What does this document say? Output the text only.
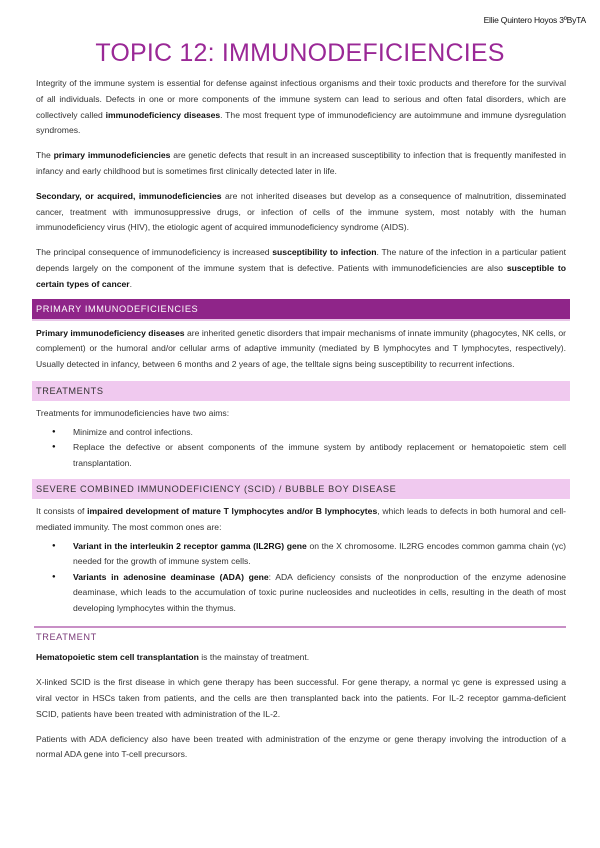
Ellie Quintero Hoyos 3ºByTA
TOPIC 12: IMMUNODEFICIENCIES

Integrity of the immune system is essential for defense against infectious organisms and their toxic products and therefore for the survival of all individuals. Defects in one or more components of the immune system can lead to serious and often fatal disorders, which are collectively called immunodeficiency diseases. The most frequent type of immunodeficiency are autoimmune and immune dysregulation syndromes.

The primary immunodeficiencies are genetic defects that result in an increased susceptibility to infection that is frequently manifested in infancy and early childhood but is sometimes first clinically detected later in life.

Secondary, or acquired, immunodeficiencies are not inherited diseases but develop as a consequence of malnutrition, disseminated cancer, treatment with immunosuppressive drugs, or infection of cells of the immune system, most notably with the human immunodeficiency virus (HIV), the etiologic agent of acquired immunodeficiency syndrome (AIDS).

The principal consequence of immunodeficiency is increased susceptibility to infection. The nature of the infection in a particular patient depends largely on the component of the immune system that is defective. Patients with immunodeficiencies are also susceptible to certain types of cancer.

PRIMARY IMMUNODEFICIENCIES

Primary immunodeficiency diseases are inherited genetic disorders that impair mechanisms of innate immunity (phagocytes, NK cells, or complement) or the humoral and/or cellular arms of adaptive immunity (mediated by B lymphocytes and T lymphocytes, respectively). Usually detected in infancy, between 6 months and 2 years of age, the telltale signs being susceptibility to recurrent infections.

TREATMENTS

Treatments for immunodeficiencies have two aims:

● Minimize and control infections.
● Replace the defective or absent components of the immune system by antibody replacement or hematopoietic stem cell transplantation.
SEVERE COMBINED IMMUNODEFICIENCY (SCID) / BUBBLE BOY DISEASE

It consists of impaired development of mature T lymphocytes and/or B lymphocytes, which leads to defects in both humoral and cell-mediated immunity. The most common ones are:

● Variant in the interleukin 2 receptor gamma (IL2RG) gene on the X chromosome. IL2RG encodes common gamma chain (γc) needed for the growth of immune system cells.
● Variants in adenosine deaminase (ADA) gene: ADA deficiency consists of the nonproduction of the enzyme adenosine deaminase, which leads to the accumulation of toxic purine nucleosides and nucleotides in cells, resulting in the death of most developing lymphocytes within the thymus.
TREATMENT

Hematopoietic stem cell transplantation is the mainstay of treatment.

X-linked SCID is the first disease in which gene therapy has been successful. For gene therapy, a normal γc gene is expressed using a viral vector in HSCs taken from patients, and the cells are then transplanted back into the patients. For IL-2 receptor gamma-deficient SCID, patients have been treated with administration of the IL-2.

Patients with ADA deficiency also have been treated with administration of the enzyme or gene therapy involving the introduction of a normal ADA gene into T-cell precursors.
